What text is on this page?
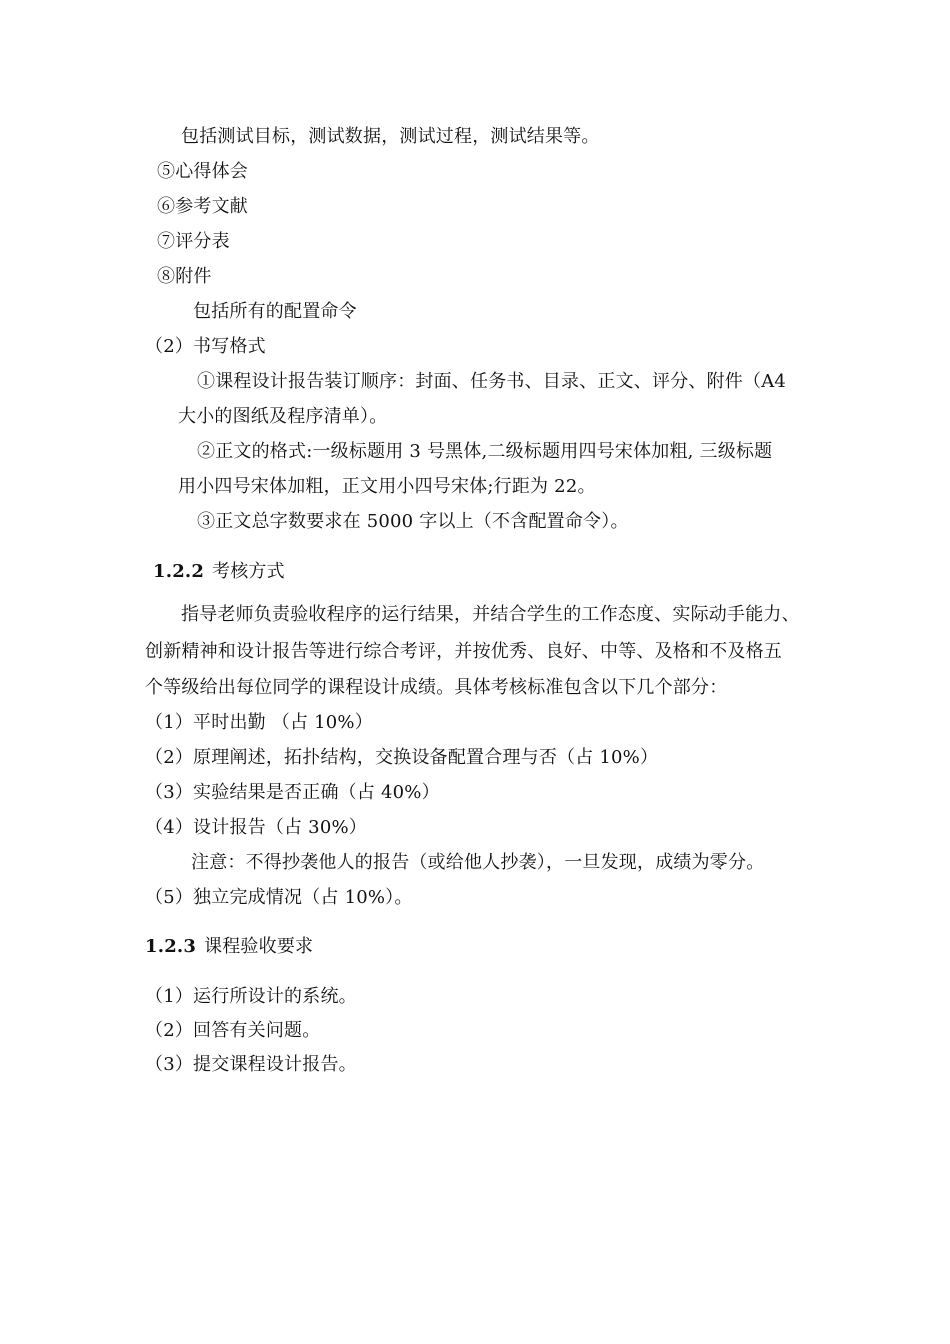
包括测试目标，测试数据，测试过程，测试结果等。
⑤心得体会
⑥参考文献
⑦评分表
⑧附件
包括所有的配置命令
（2）书写格式
①课程设计报告装订顺序：封面、任务书、目录、正文、评分、附件（A4
大小的图纸及程序清单）。
②正文的格式:一级标题用 3 号黑体,二级标题用四号宋体加粗, 三级标题
用小四号宋体加粗，正文用小四号宋体;行距为 22。
③正文总字数要求在 5000 字以上（不含配置命令）。
1.2.2 考核方式
指导老师负责验收程序的运行结果，并结合学生的工作态度、实际动手能力、
创新精神和设计报告等进行综合考评，并按优秀、良好、中等、及格和不及格五
个等级给出每位同学的课程设计成绩。具体考核标准包含以下几个部分：
（1）平时出勤 （占 10%）
（2）原理阐述，拓扑结构，交换设备配置合理与否（占 10%）
（3）实验结果是否正确（占 40%）
（4）设计报告（占 30%）
注意：不得抄袭他人的报告（或给他人抄袭），一旦发现，成绩为零分。
（5）独立完成情况（占 10%）。
1.2.3 课程验收要求
（1）运行所设计的系统。
（2）回答有关问题。
（3）提交课程设计报告。
